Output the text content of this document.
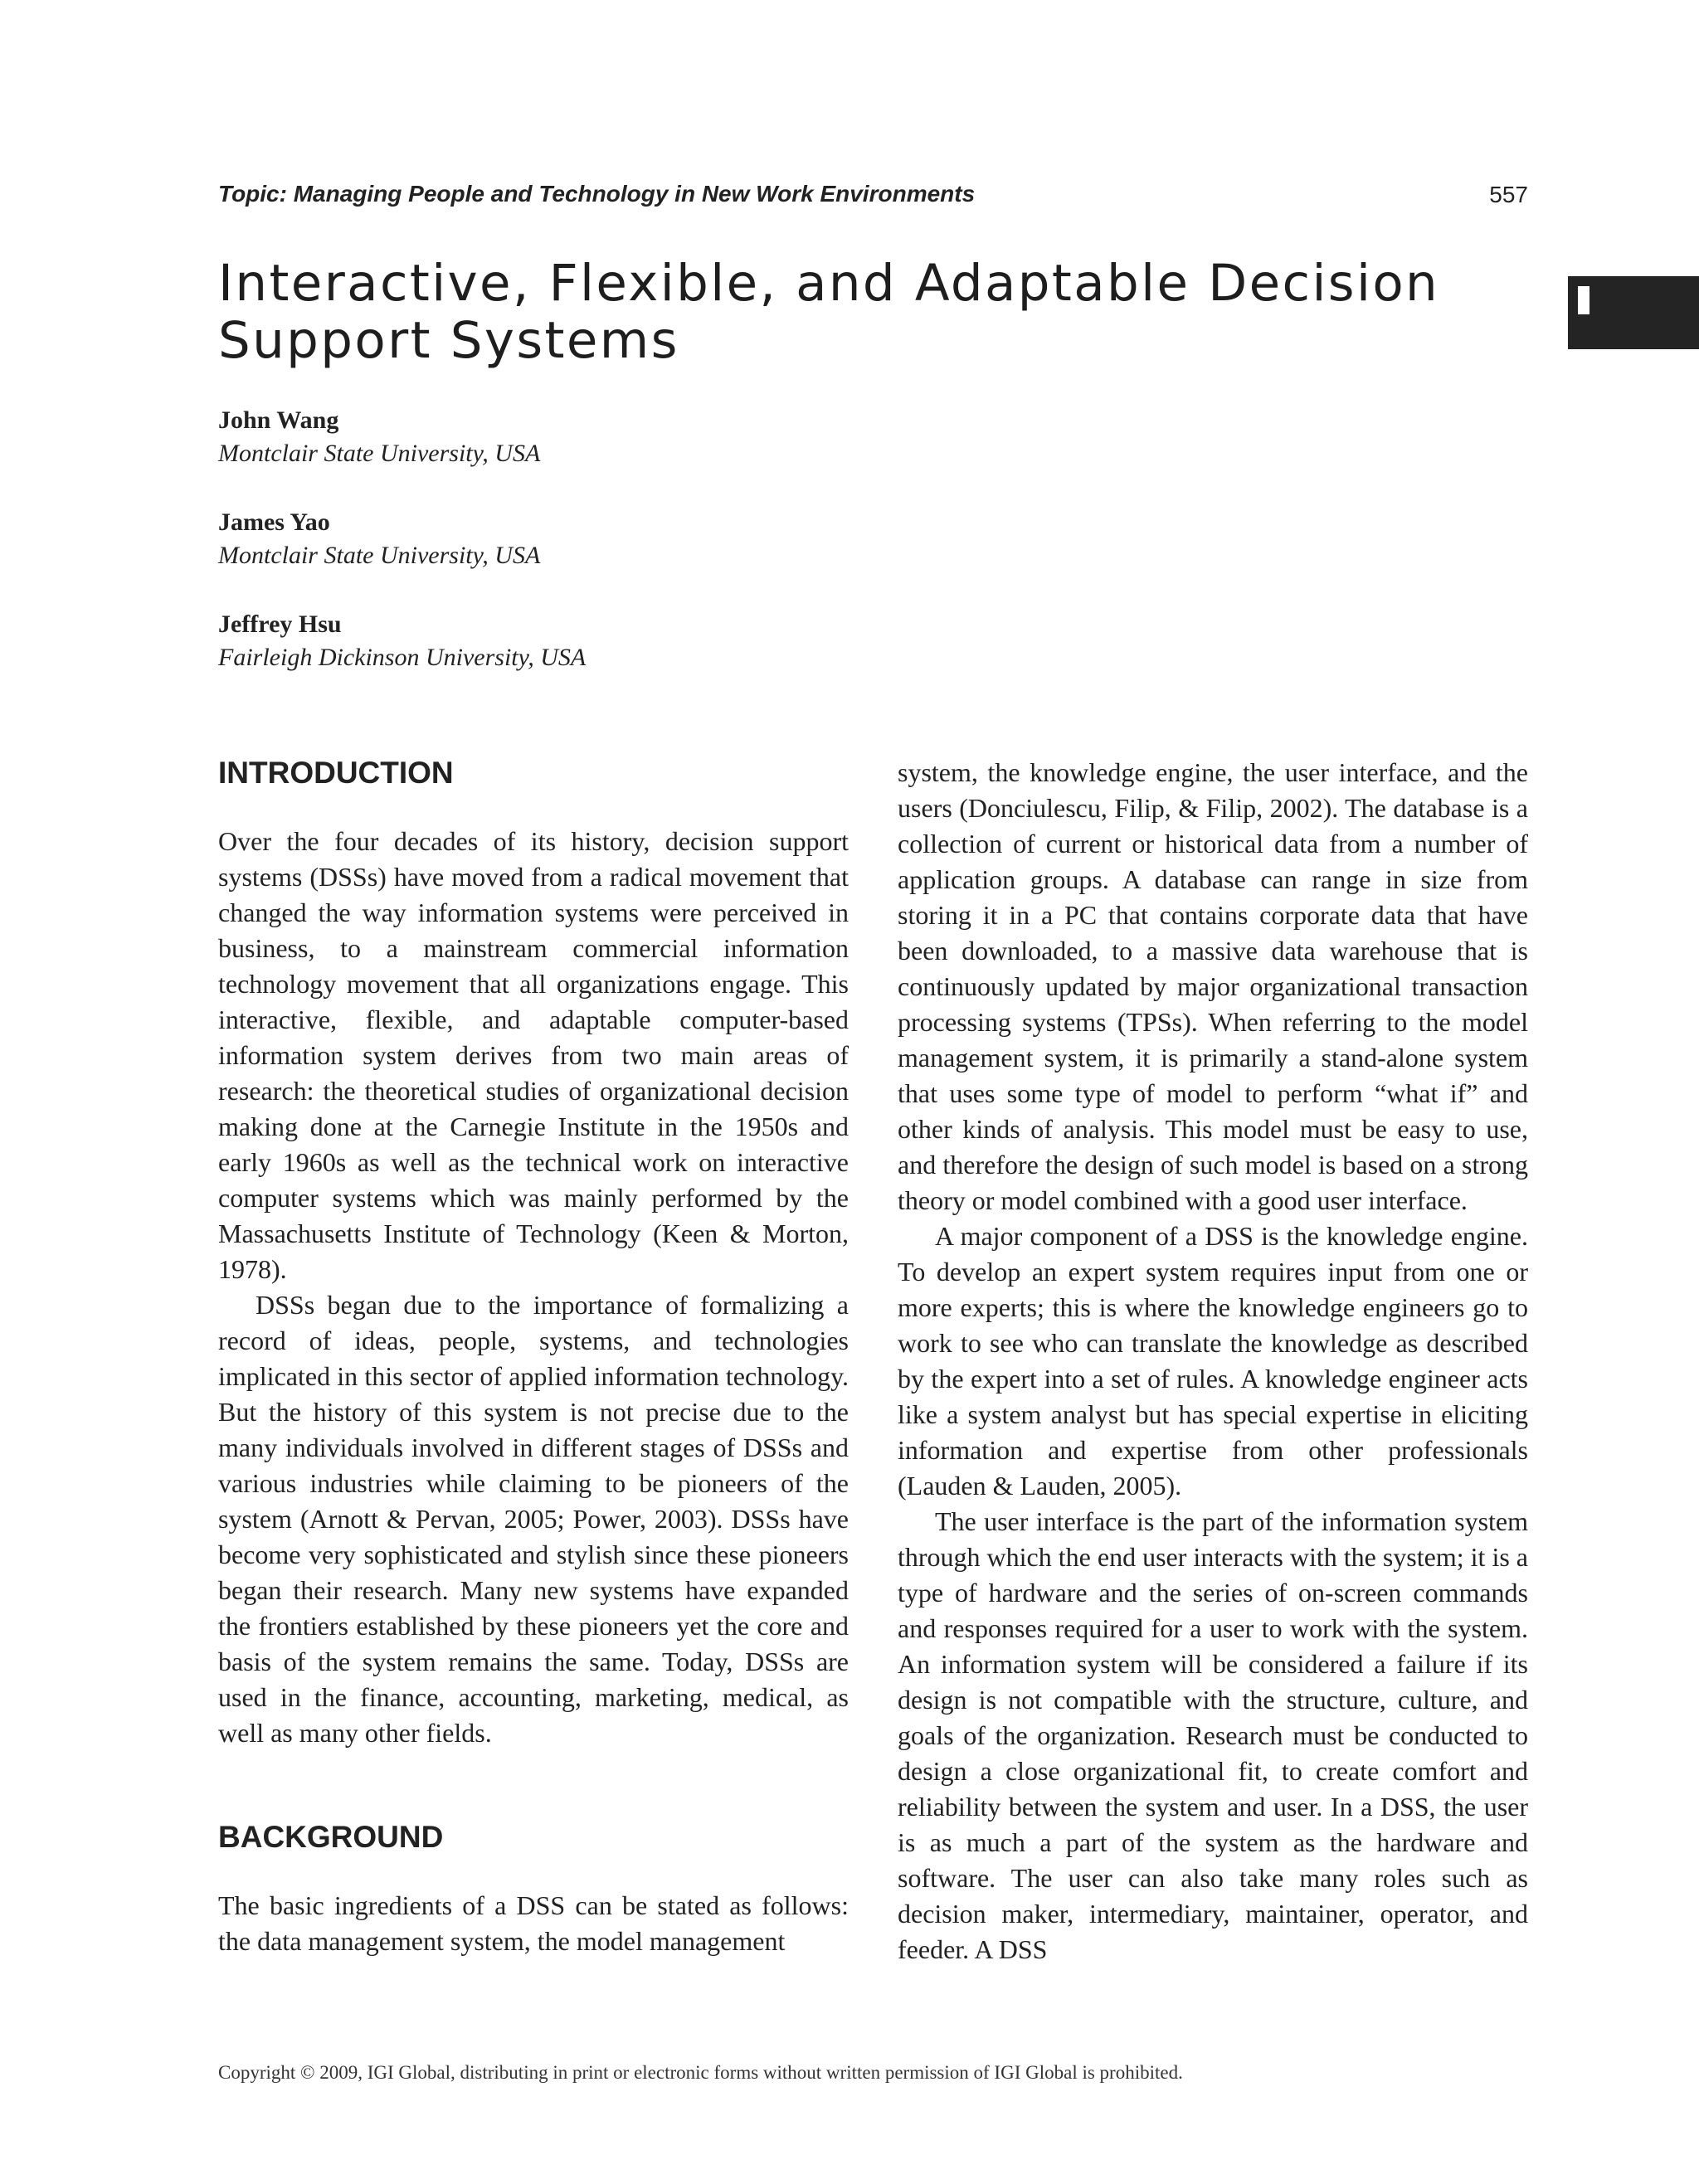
Topic: Managing People and Technology in New Work Environments	557
Interactive, Flexible, and Adaptable Decision
Support Systems
John Wang
Montclair State University, USA
James Yao
Montclair State University, USA
Jeffrey Hsu
Fairleigh Dickinson University, USA
INTRODUCTION

Over the four decades of its history, decision support systems (DSSs) have moved from a radical movement that changed the way information systems were perceived in business, to a mainstream commercial information technology movement that all organizations engage. This interactive, flexible, and adaptable computer-based information system derives from two main areas of research: the theoretical studies of organizational decision making done at the Carnegie Institute in the 1950s and early 1960s as well as the technical work on interactive computer systems which was mainly performed by the Massachusetts Institute of Technology (Keen & Morton, 1978).

DSSs began due to the importance of formalizing a record of ideas, people, systems, and technologies implicated in this sector of applied information technology. But the history of this system is not precise due to the many individuals involved in different stages of DSSs and various industries while claiming to be pioneers of the system (Arnott & Pervan, 2005; Power, 2003). DSSs have become very sophisticated and stylish since these pioneers began their research. Many new systems have expanded the frontiers established by these pioneers yet the core and basis of the system remains the same. Today, DSSs are used in the finance, accounting, marketing, medical, as well as many other fields.

BACKGROUND

The basic ingredients of a DSS can be stated as follows: the data management system, the model management

system, the knowledge engine, the user interface, and the users (Donciulescu, Filip, & Filip, 2002). The database is a collection of current or historical data from a number of application groups. A database can range in size from storing it in a PC that contains corporate data that have been downloaded, to a massive data warehouse that is continuously updated by major organizational transaction processing systems (TPSs). When referring to the model management system, it is primarily a stand-alone system that uses some type of model to perform “what if” and other kinds of analysis. This model must be easy to use, and therefore the design of such model is based on a strong theory or model combined with a good user interface.

A major component of a DSS is the knowledge engine. To develop an expert system requires input from one or more experts; this is where the knowledge engineers go to work to see who can translate the knowledge as described by the expert into a set of rules. A knowledge engineer acts like a system analyst but has special expertise in eliciting information and expertise from other professionals (Lauden & Lauden, 2005).

The user interface is the part of the information system through which the end user interacts with the system; it is a type of hardware and the series of on-screen commands and responses required for a user to work with the system. An information system will be considered a failure if its design is not compatible with the structure, culture, and goals of the organization. Research must be conducted to design a close organizational fit, to create comfort and reliability between the system and user. In a DSS, the user is as much a part of the system as the hardware and software. The user can also take many roles such as decision maker, intermediary, maintainer, operator, and feeder. A DSS

Copyright © 2009, IGI Global, distributing in print or electronic forms without written permission of IGI Global is prohibited.
